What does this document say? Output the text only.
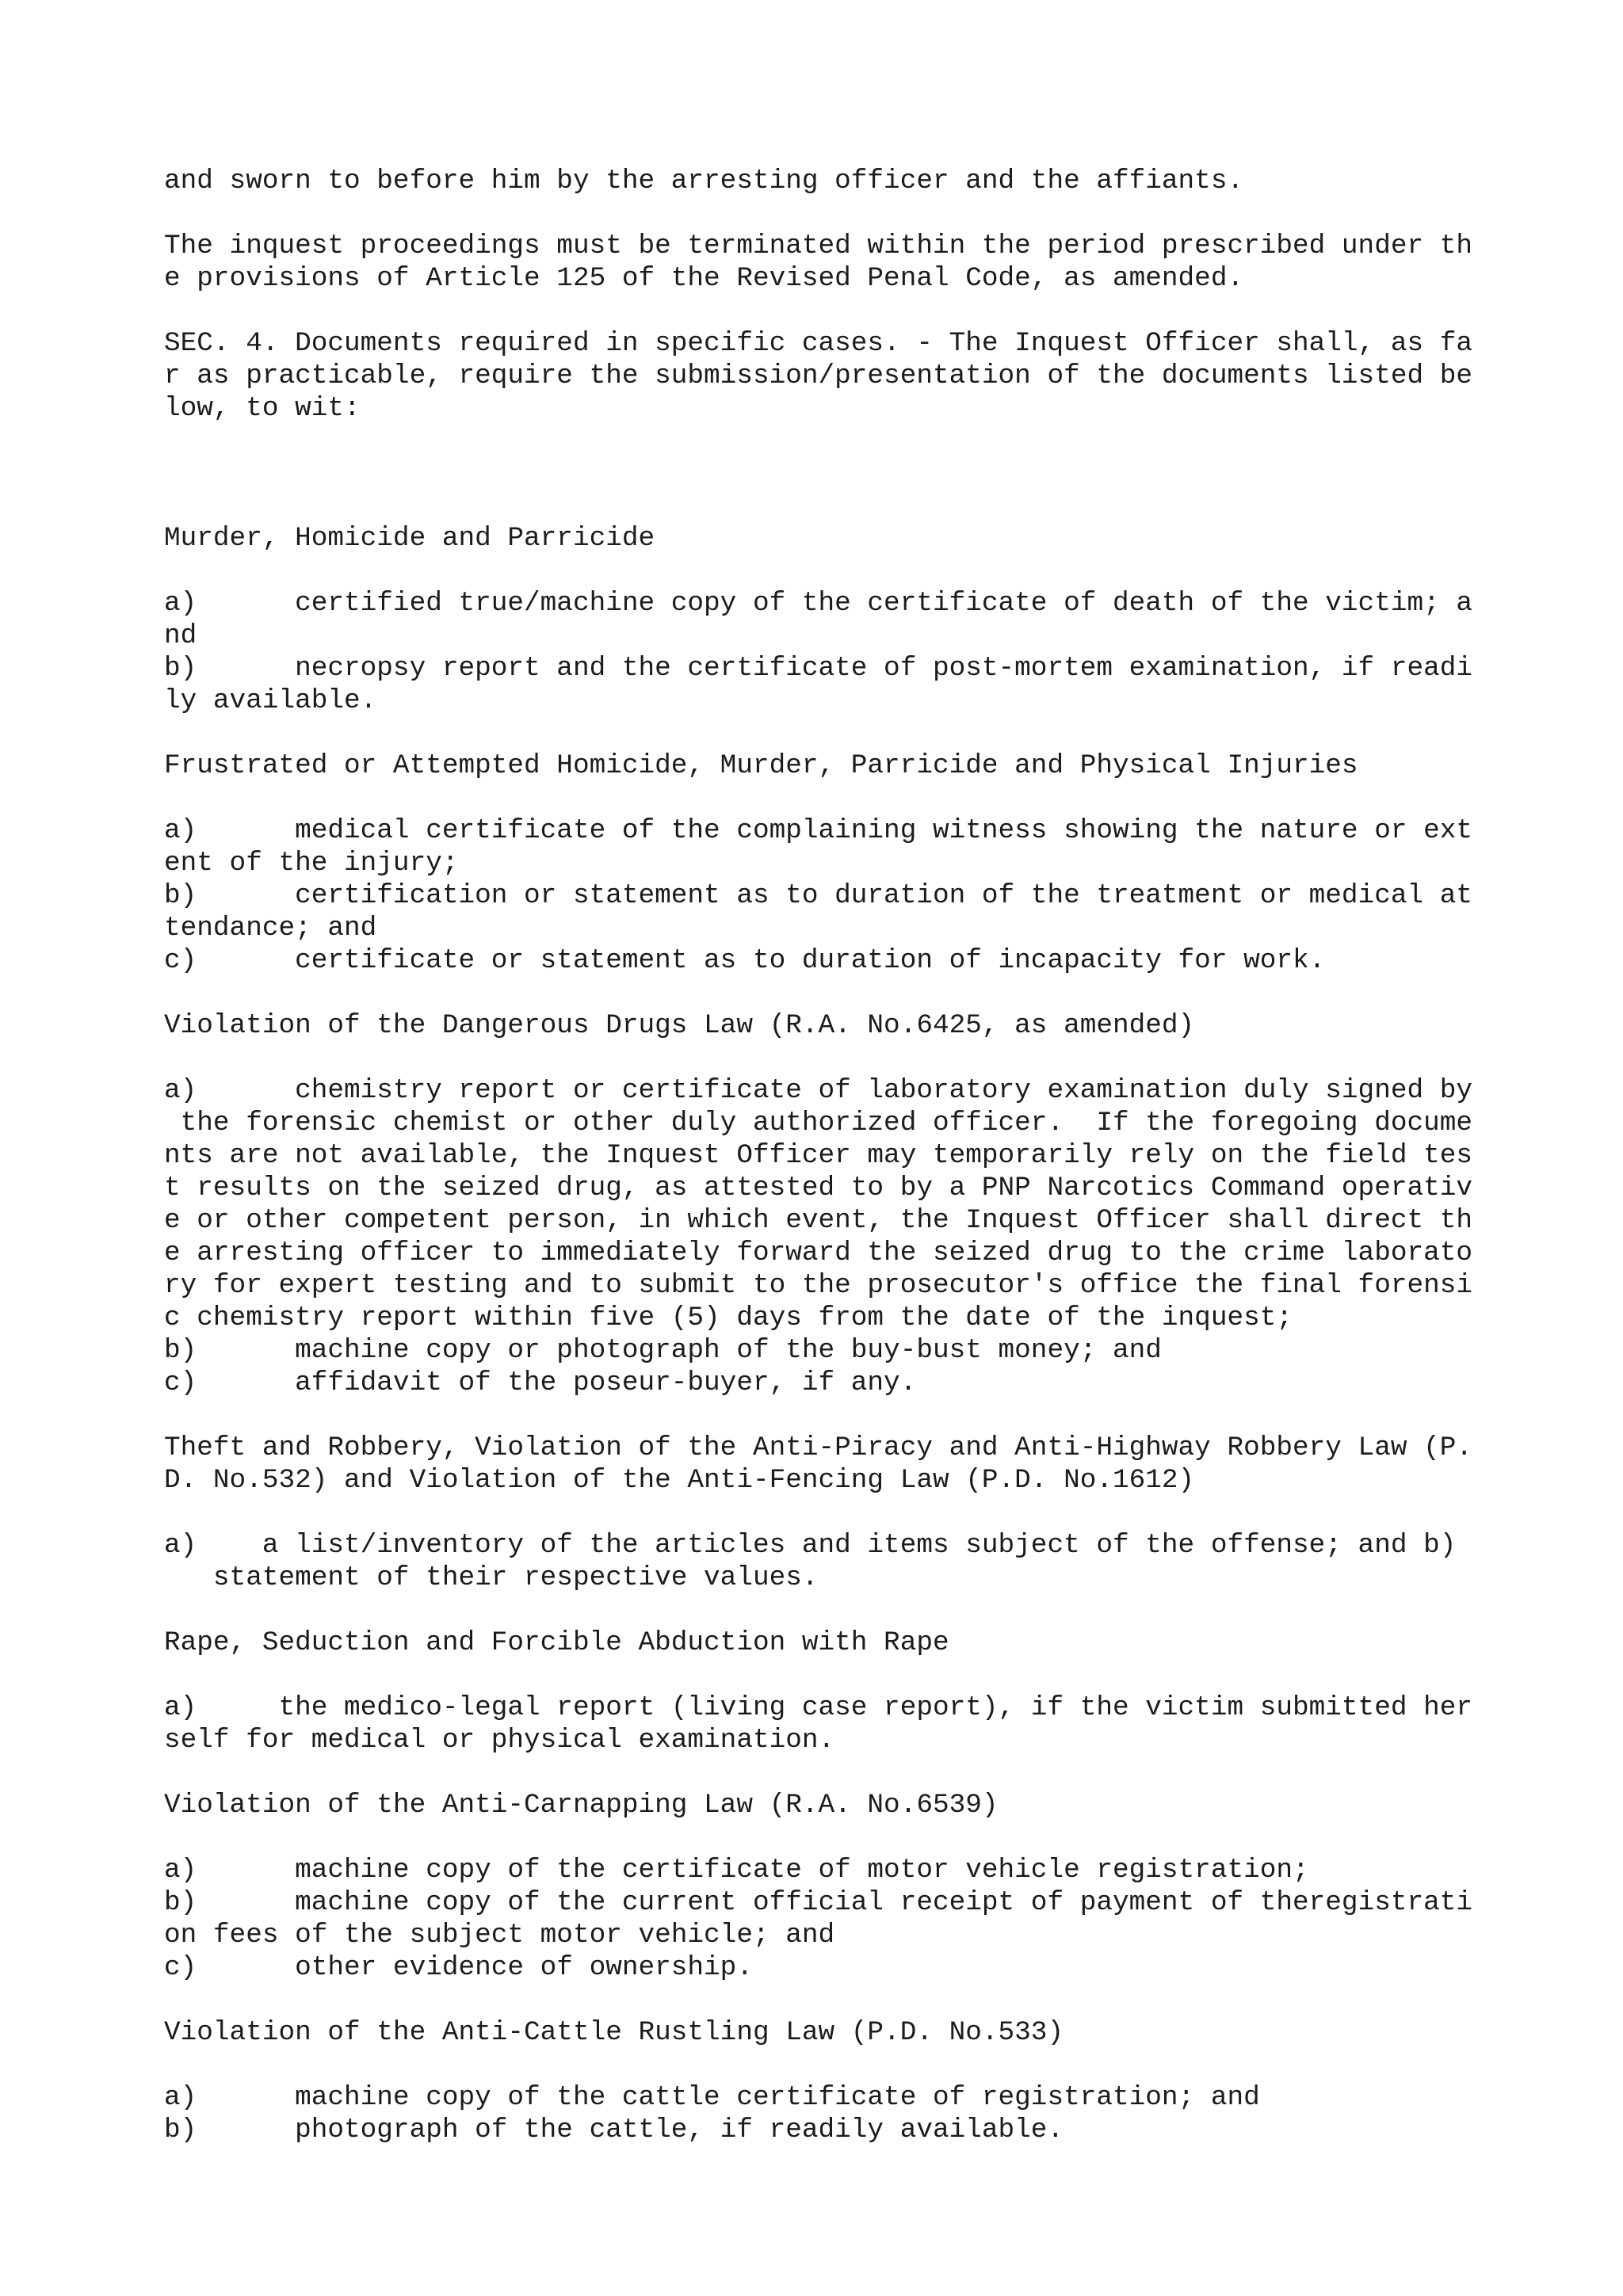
and sworn to before him by the arresting officer and the affiants.
The inquest proceedings must be terminated within the period prescribed under th
e provisions of Article 125 of the Revised Penal Code, as amended.
SEC. 4. Documents required in specific cases. - The Inquest Officer shall, as fa
r as practicable, require the submission/presentation of the documents listed be
low, to wit:
Murder, Homicide and Parricide
a)      certified true/machine copy of the certificate of death of the victim; a
nd
b)      necropsy report and the certificate of post-mortem examination, if readi
ly available.
Frustrated or Attempted Homicide, Murder, Parricide and Physical Injuries
a)      medical certificate of the complaining witness showing the nature or ext
ent of the injury;
b)      certification or statement as to duration of the treatment or medical at
tendance; and
c)      certificate or statement as to duration of incapacity for work.
Violation of the Dangerous Drugs Law (R.A. No.6425, as amended)
a)      chemistry report or certificate of laboratory examination duly signed by
the forensic chemist or other duly authorized officer.  If the foregoing docume
nts are not available, the Inquest Officer may temporarily rely on the field tes
t results on the seized drug, as attested to by a PNP Narcotics Command operativ
e or other competent person, in which event, the Inquest Officer shall direct th
e arresting officer to immediately forward the seized drug to the crime laborato
ry for expert testing and to submit to the prosecutor's office the final forensi
c chemistry report within five (5) days from the date of the inquest;
b)      machine copy or photograph of the buy-bust money; and
c)      affidavit of the poseur-buyer, if any.
Theft and Robbery, Violation of the Anti-Piracy and Anti-Highway Robbery Law (P.
D. No.532) and Violation of the Anti-Fencing Law (P.D. No.1612)
a)    a list/inventory of the articles and items subject of the offense; and b)
statement of their respective values.
Rape, Seduction and Forcible Abduction with Rape
a)     the medico-legal report (living case report), if the victim submitted her
self for medical or physical examination.
Violation of the Anti-Carnapping Law (R.A. No.6539)
a)      machine copy of the certificate of motor vehicle registration;
b)      machine copy of the current official receipt of payment of theregistrati
on fees of the subject motor vehicle; and
c)      other evidence of ownership.
Violation of the Anti-Cattle Rustling Law (P.D. No.533)
a)      machine copy of the cattle certificate of registration; and
b)      photograph of the cattle, if readily available.
